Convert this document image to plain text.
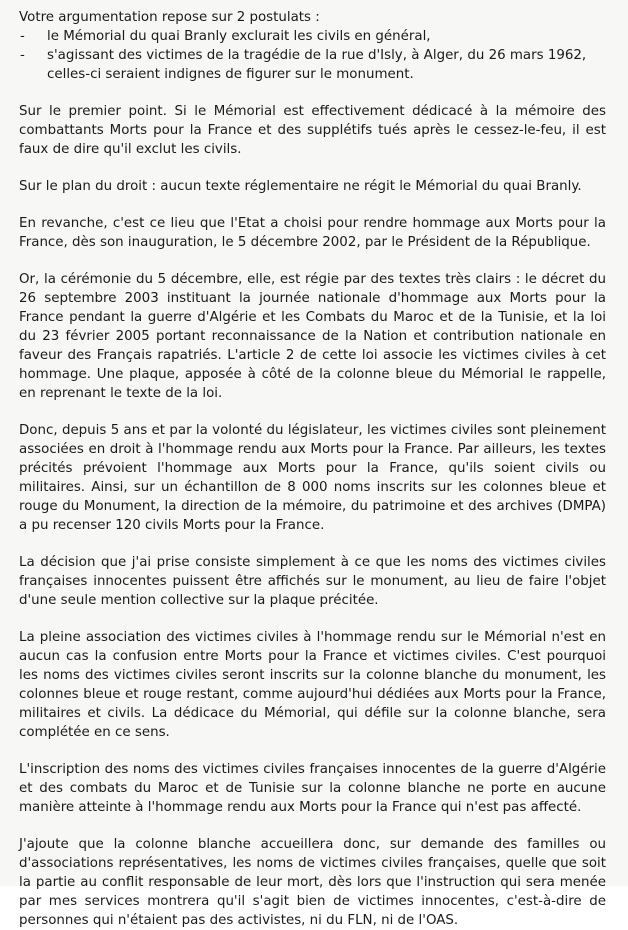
Votre argumentation repose sur 2 postulats :

- le Mémorial du quai Branly exclurait les civils en général,
- s'agissant des victimes de la tragédie de la rue d'Isly, à Alger, du 26 mars 1962, celles-ci seraient indignes de figurer sur le monument.

Sur le premier point. Si le Mémorial est effectivement dédicacé à la mémoire des combattants Morts pour la France et des supplétifs tués après le cessez-le-feu, il est faux de dire qu'il exclut les civils.

Sur le plan du droit : aucun texte réglementaire ne régit le Mémorial du quai Branly.

En revanche, c'est ce lieu que l'Etat a choisi pour rendre hommage aux Morts pour la France, dès son inauguration, le 5 décembre 2002, par le Président de la République.

Or, la cérémonie du 5 décembre, elle, est régie par des textes très clairs : le décret du 26 septembre 2003 instituant la journée nationale d'hommage aux Morts pour la France pendant la guerre d'Algérie et les Combats du Maroc et de la Tunisie, et la loi du 23 février 2005 portant reconnaissance de la Nation et contribution nationale en faveur des Français rapatriés. L'article 2 de cette loi associe les victimes civiles à cet hommage. Une plaque, apposée à côté de la colonne bleue du Mémorial le rappelle, en reprenant le texte de la loi.

Donc, depuis 5 ans et par la volonté du législateur, les victimes civiles sont pleinement associées en droit à l'hommage rendu aux Morts pour la France. Par ailleurs, les textes précités prévoient l'hommage aux Morts pour la France, qu'ils soient civils ou militaires. Ainsi, sur un échantillon de 8 000 noms inscrits sur les colonnes bleue et rouge du Monument, la direction de la mémoire, du patrimoine et des archives (DMPA) a pu recenser 120 civils Morts pour la France.

La décision que j'ai prise consiste simplement à ce que les noms des victimes civiles françaises innocentes puissent être affichés sur le monument, au lieu de faire l'objet d'une seule mention collective sur la plaque précitée.

La pleine association des victimes civiles à l'hommage rendu sur le Mémorial n'est en aucun cas la confusion entre Morts pour la France et victimes civiles. C'est pourquoi les noms des victimes civiles seront inscrits sur la colonne blanche du monument, les colonnes bleue et rouge restant, comme aujourd'hui dédiées aux Morts pour la France, militaires et civils. La dédicace du Mémorial, qui défile sur la colonne blanche, sera complétée en ce sens.

L'inscription des noms des victimes civiles françaises innocentes de la guerre d'Algérie et des combats du Maroc et de Tunisie sur la colonne blanche ne porte en aucune manière atteinte à l'hommage rendu aux Morts pour la France qui n'est pas affecté.

J'ajoute que la colonne blanche accueillera donc, sur demande des familles ou d'associations représentatives, les noms de victimes civiles françaises, quelle que soit la partie au conflit responsable de leur mort, dès lors que l'instruction qui sera menée par mes services montrera qu'il s'agit bien de victimes innocentes, c'est-à-dire de personnes qui n'étaient pas des activistes, ni du FLN, ni de l'OAS.
